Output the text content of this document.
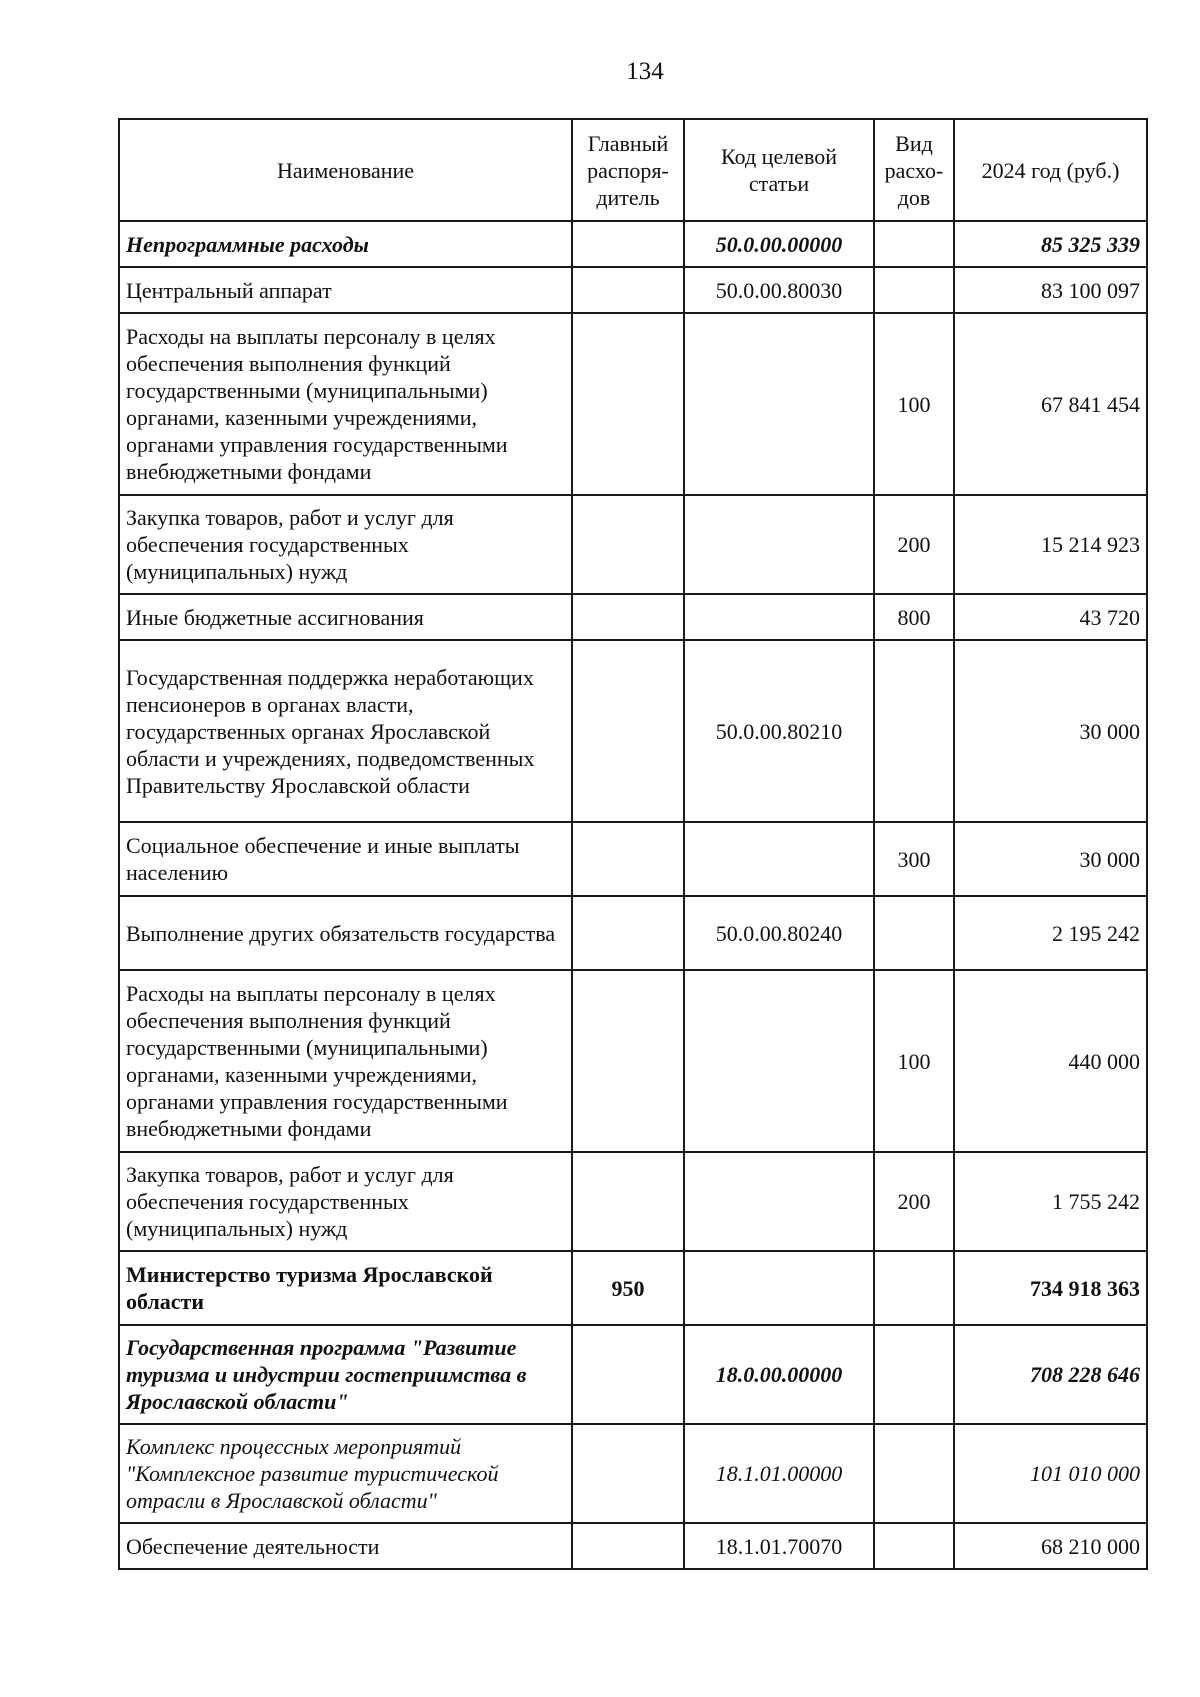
134
Наименование	Главный распоря-дитель	Код целевой статьи	Вид расхо-дов	2024 год (руб.)
Непрограммные расходы		50.0.00.00000		85 325 339
Центральный аппарат		50.0.00.80030		83 100 097
Расходы на выплаты персоналу в целях обеспечения выполнения функций государственными (муниципальными) органами, казенными учреждениями, органами управления государственными внебюджетными фондами			100	67 841 454
Закупка товаров, работ и услуг для обеспечения государственных (муниципальных) нужд			200	15 214 923
Иные бюджетные ассигнования			800	43 720
Государственная поддержка неработающих пенсионеров в органах власти, государственных органах Ярославской области и учреждениях, подведомственных Правительству Ярославской области		50.0.00.80210		30 000
Социальное обеспечение и иные выплаты населению			300	30 000
Выполнение других обязательств государства		50.0.00.80240		2 195 242
Расходы на выплаты персоналу в целях обеспечения выполнения функций государственными (муниципальными) органами, казенными учреждениями, органами управления государственными внебюджетными фондами			100	440 000
Закупка товаров, работ и услуг для обеспечения государственных (муниципальных) нужд			200	1 755 242
Министерство туризма Ярославской области	950			734 918 363
Государственная программа "Развитие туризма и индустрии гостеприимства в Ярославской области"		18.0.00.00000		708 228 646
Комплекс процессных мероприятий "Комплексное развитие туристической отрасли в Ярославской области"		18.1.01.00000		101 010 000
Обеспечение деятельности		18.1.01.70070		68 210 000
